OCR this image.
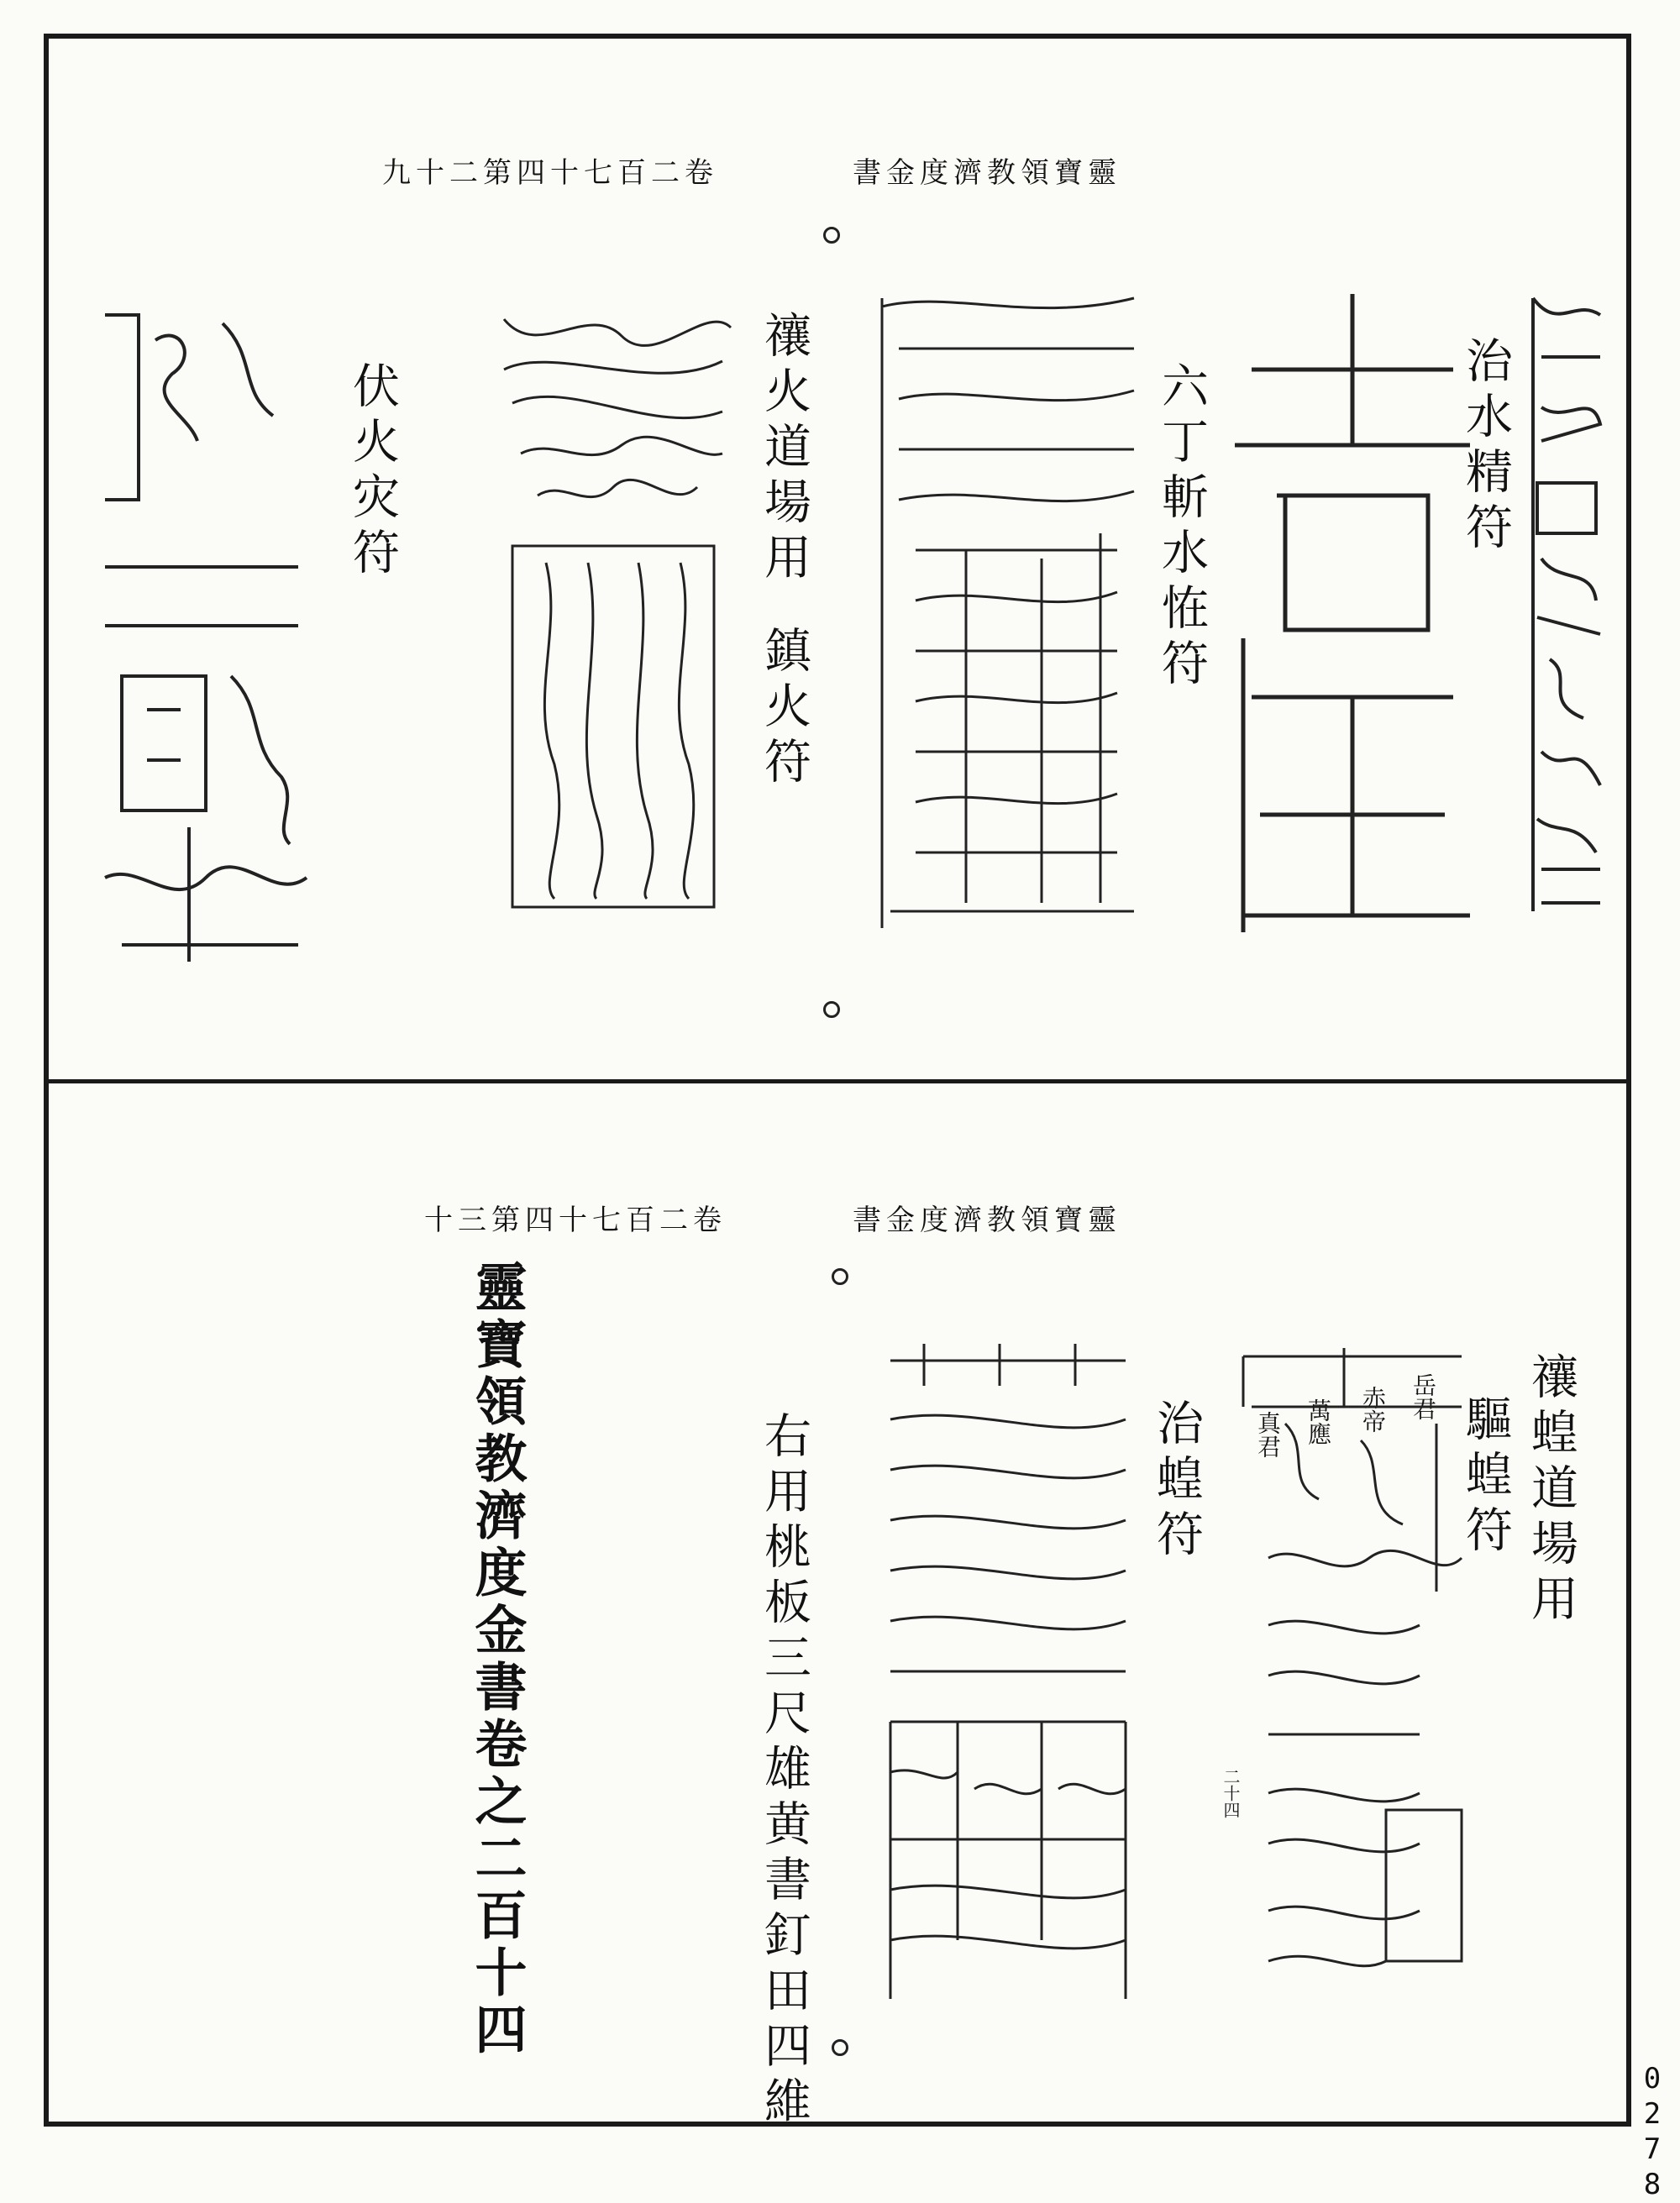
九十二第四十七百二卷	書金度濟教領寶靈
治水精符
六丁斬水恠符
禳火道場用
鎮火符
伏火灾符
十三第四十七百二卷	書金度濟教領寶靈
禳蝗道場用
驅蝗符
治蝗符
右用桃板三尺雄黄書釘田四維
靈寶領教濟度金書卷之二百十四	岳君
赤帝
萬應
真君
二十四
0278
